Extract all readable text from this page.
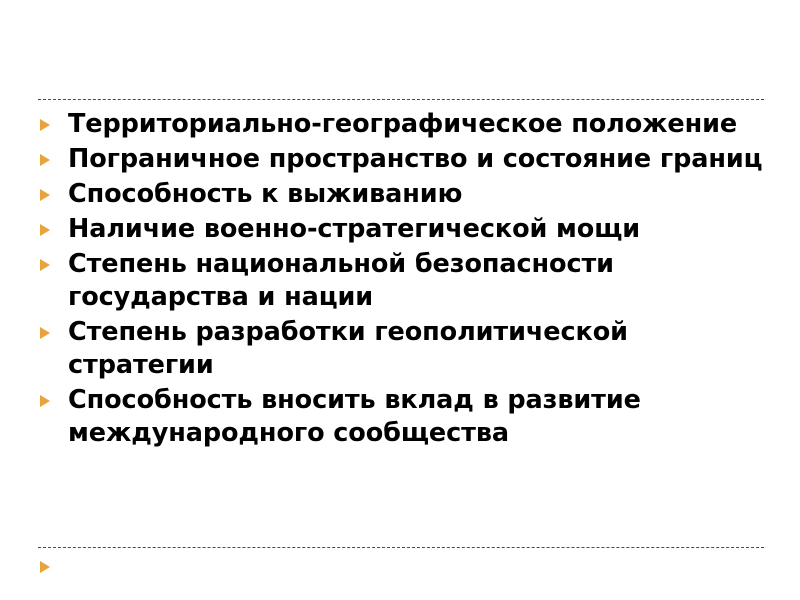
Территориально-географическое положение
Пограничное пространство и состояние границ
Способность к выживанию
Наличие военно-стратегической мощи
Степень национальной безопасности государства и нации
Степень разработки геополитической стратегии
Способность вносить вклад в развитие международного сообщества
